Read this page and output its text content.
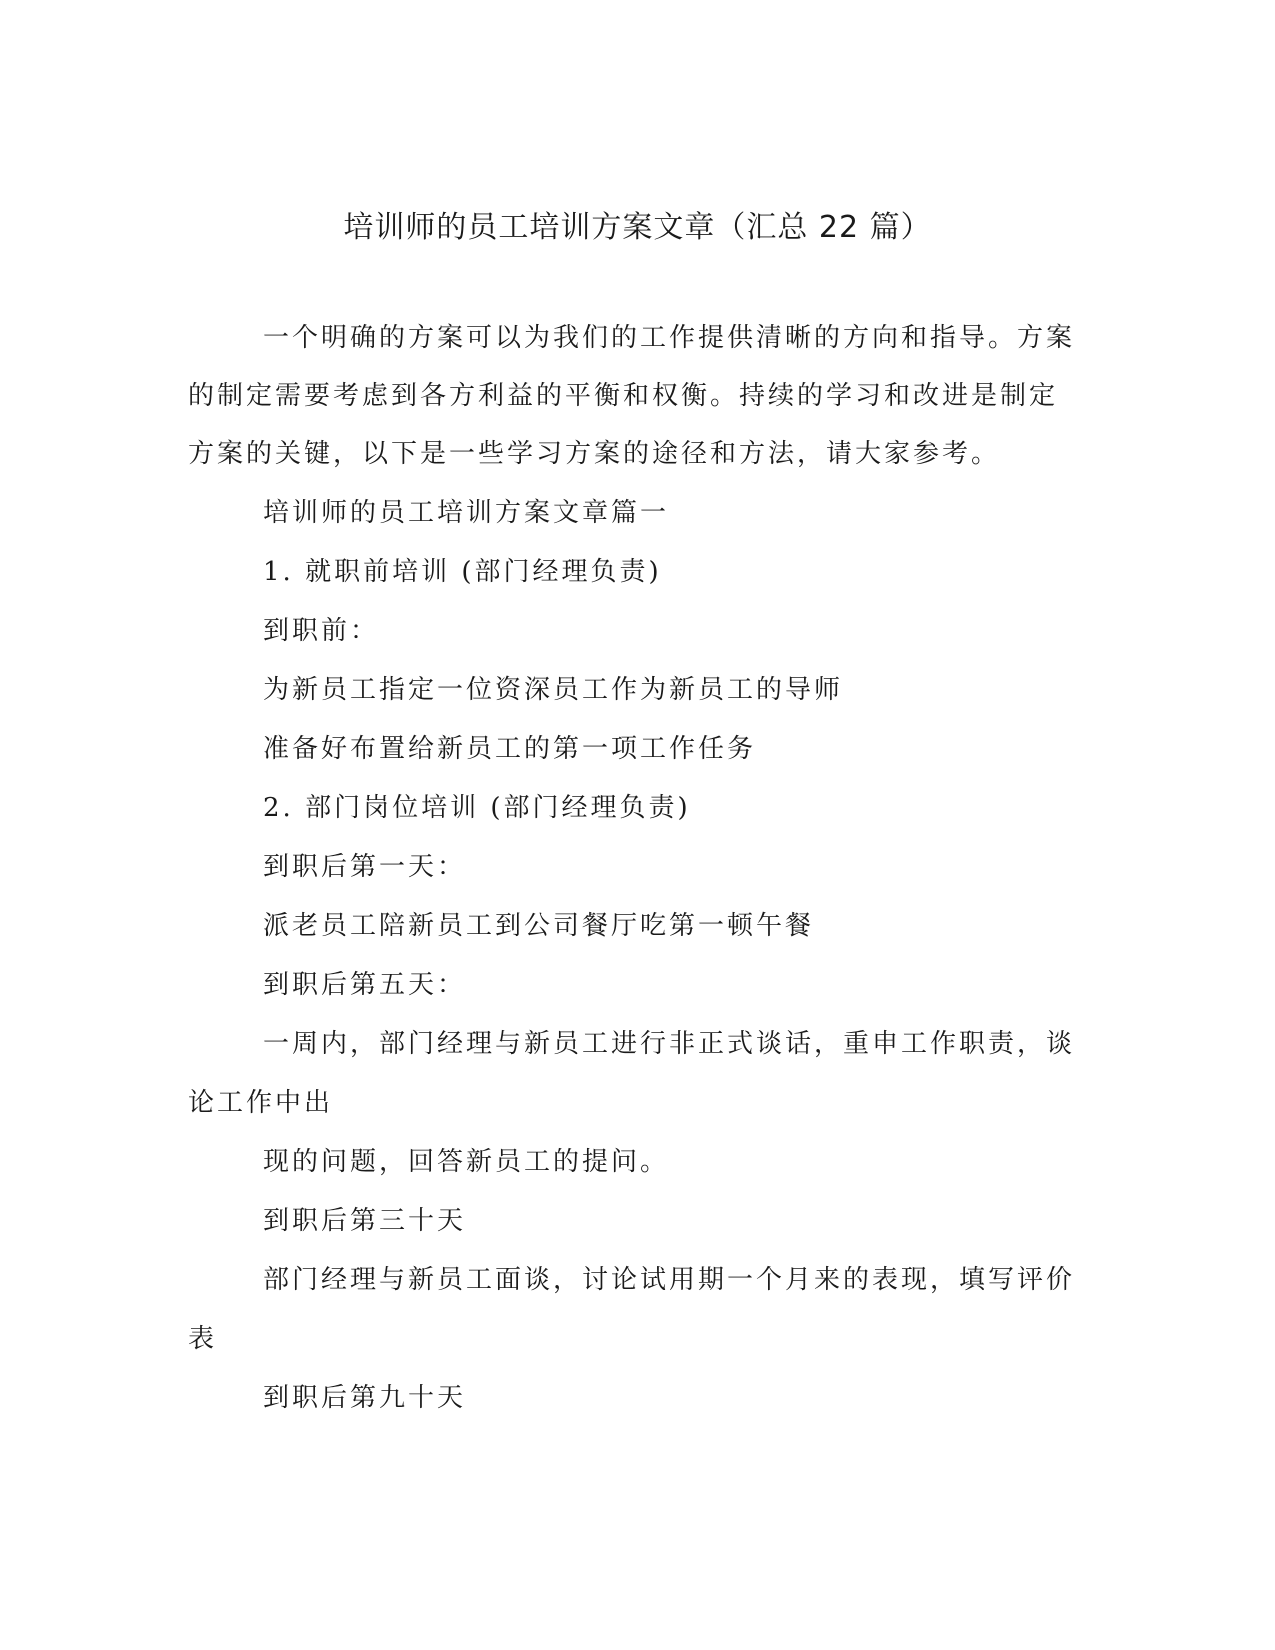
培训师的员工培训方案文章（汇总 22 篇）
一个明确的方案可以为我们的工作提供清晰的方向和指导。方案
的制定需要考虑到各方利益的平衡和权衡。持续的学习和改进是制定
方案的关键，以下是一些学习方案的途径和方法，请大家参考。
培训师的员工培训方案文章篇一
1. 就职前培训 (部门经理负责)
到职前：
为新员工指定一位资深员工作为新员工的导师
准备好布置给新员工的第一项工作任务
2. 部门岗位培训 (部门经理负责)
到职后第一天：
派老员工陪新员工到公司餐厅吃第一顿午餐
到职后第五天：
一周内，部门经理与新员工进行非正式谈话，重申工作职责，谈
论工作中出
现的问题，回答新员工的提问。
到职后第三十天
部门经理与新员工面谈，讨论试用期一个月来的表现，填写评价
表
到职后第九十天
